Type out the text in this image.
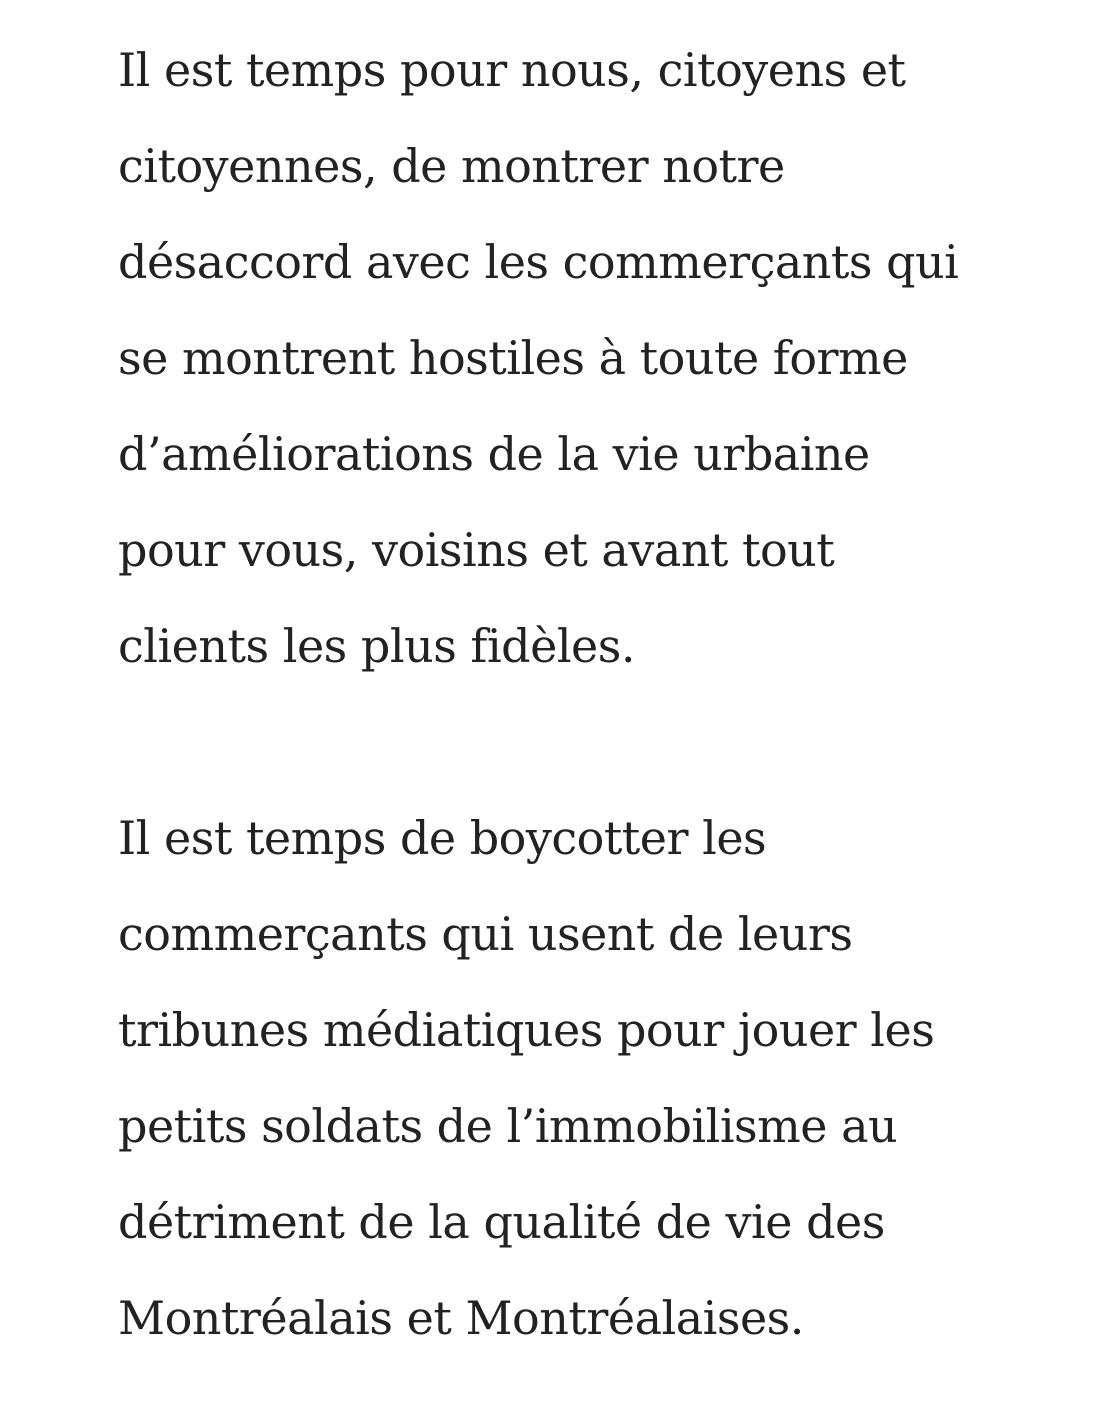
Il est temps pour nous, citoyens et
citoyennes, de montrer notre
désaccord avec les commerçants qui
se montrent hostiles à toute forme
d’améliorations de la vie urbaine
pour vous, voisins et avant tout
clients les plus fidèles.
Il est temps de boycotter les
commerçants qui usent de leurs
tribunes médiatiques pour jouer les
petits soldats de l’immobilisme au
détriment de la qualité de vie des
Montréalais et Montréalaises.
